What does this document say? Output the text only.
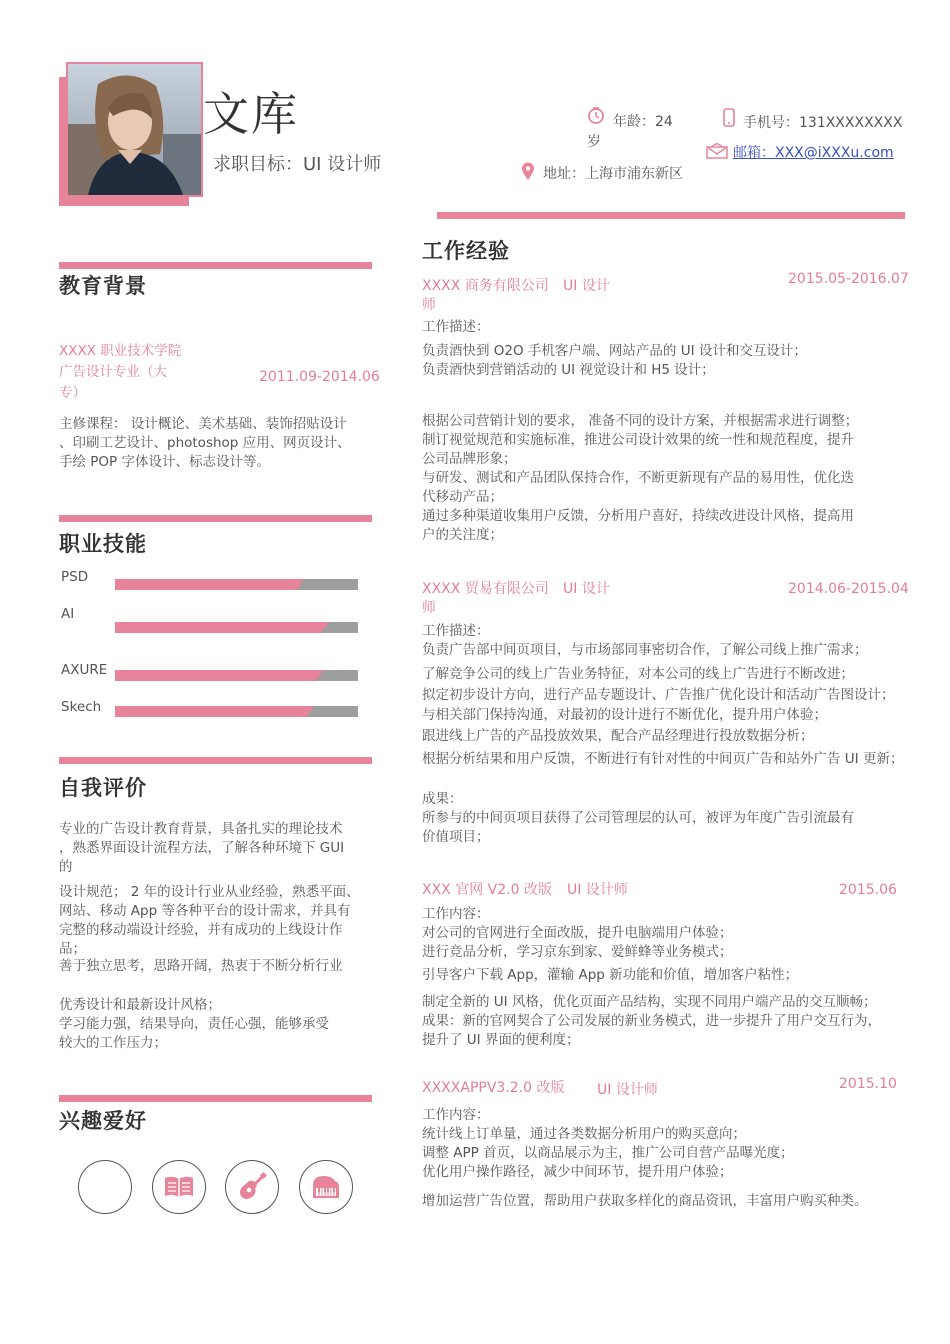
文库
求职目标：UI 设计师
年龄：24
岁
手机号：131XXXXXXXX
邮箱：XXX@iXXXu.com
地址：上海市浦东新区
教育背景
XXXX 职业技术学院
广告设计专业（大
专）
2011.09-2014.06
主修课程： 设计概论、美术基础、装饰招贴设计
、印刷工艺设计、photoshop 应用、网页设计、
手绘 POP 字体设计、标志设计等。
职业技能
PSD
AI
AXURE
Skech
自我评价
专业的广告设计教育背景，具备扎实的理论技术
，熟悉界面设计流程方法，了解各种环境下 GUI
的
设计规范； 2 年的设计行业从业经验，熟悉平面、
网站、移动 App 等各种平台的设计需求，并具有
完整的移动端设计经验，并有成功的上线设计作
品；
善于独立思考，思路开阔，热衷于不断分析行业
优秀设计和最新设计风格；
学习能力强，结果导向，责任心强，能够承受
较大的工作压力；
兴趣爱好
工作经验
XXXX 商务有限公司 UI 设计
师
2015.05-2016.07
工作描述：
负责酒快到 O2O 手机客户端、网站产品的 UI 设计和交互设计；
负责酒快到营销活动的 UI 视觉设计和 H5 设计；
根据公司营销计划的要求， 准备不同的设计方案，并根据需求进行调整；
制订视觉规范和实施标准，推进公司设计效果的统一性和规范程度，提升
公司品牌形象；
与研发、测试和产品团队保持合作，不断更新现有产品的易用性，优化迭
代移动产品；
通过多种渠道收集用户反馈，分析用户喜好，持续改进设计风格，提高用
户的关注度；
XXXX 贸易有限公司 UI 设计
师
2014.06-2015.04
工作描述：
负责广告部中间页项目，与市场部同事密切合作，了解公司线上推广需求；
了解竞争公司的线上广告业务特征，对本公司的线上广告进行不断改进；
拟定初步设计方向，进行产品专题设计、广告推广优化设计和活动广告图设计；
与相关部门保持沟通，对最初的设计进行不断优化，提升用户体验；
跟进线上广告的产品投放效果，配合产品经理进行投放数据分析；
根据分析结果和用户反馈，不断进行有针对性的中间页广告和站外广告 UI 更新；
成果：
所参与的中间页项目获得了公司管理层的认可，被评为年度广告引流最有
价值项目；
XXX 官网 V2.0 改版 UI 设计师	2015.06
工作内容：
对公司的官网进行全面改版，提升电脑端用户体验；
进行竞品分析，学习京东到家、爱鲜蜂等业务模式；
引导客户下载 App，灌输 App 新功能和价值，增加客户粘性；
制定全新的 UI 风格，优化页面产品结构，实现不同用户端产品的交互顺畅；
成果：新的官网契合了公司发展的新业务模式，进一步提升了用户交互行为，
提升了 UI 界面的便利度；
XXXXAPPV3.2.0 改版 UI 设计师	2015.10
工作内容：
统计线上订单量，通过各类数据分析用户的购买意向；
调整 APP 首页，以商品展示为主，推广公司自营产品曝光度；
优化用户操作路径，减少中间环节，提升用户体验；
增加运营广告位置，帮助用户获取多样化的商品资讯，丰富用户购买种类。
